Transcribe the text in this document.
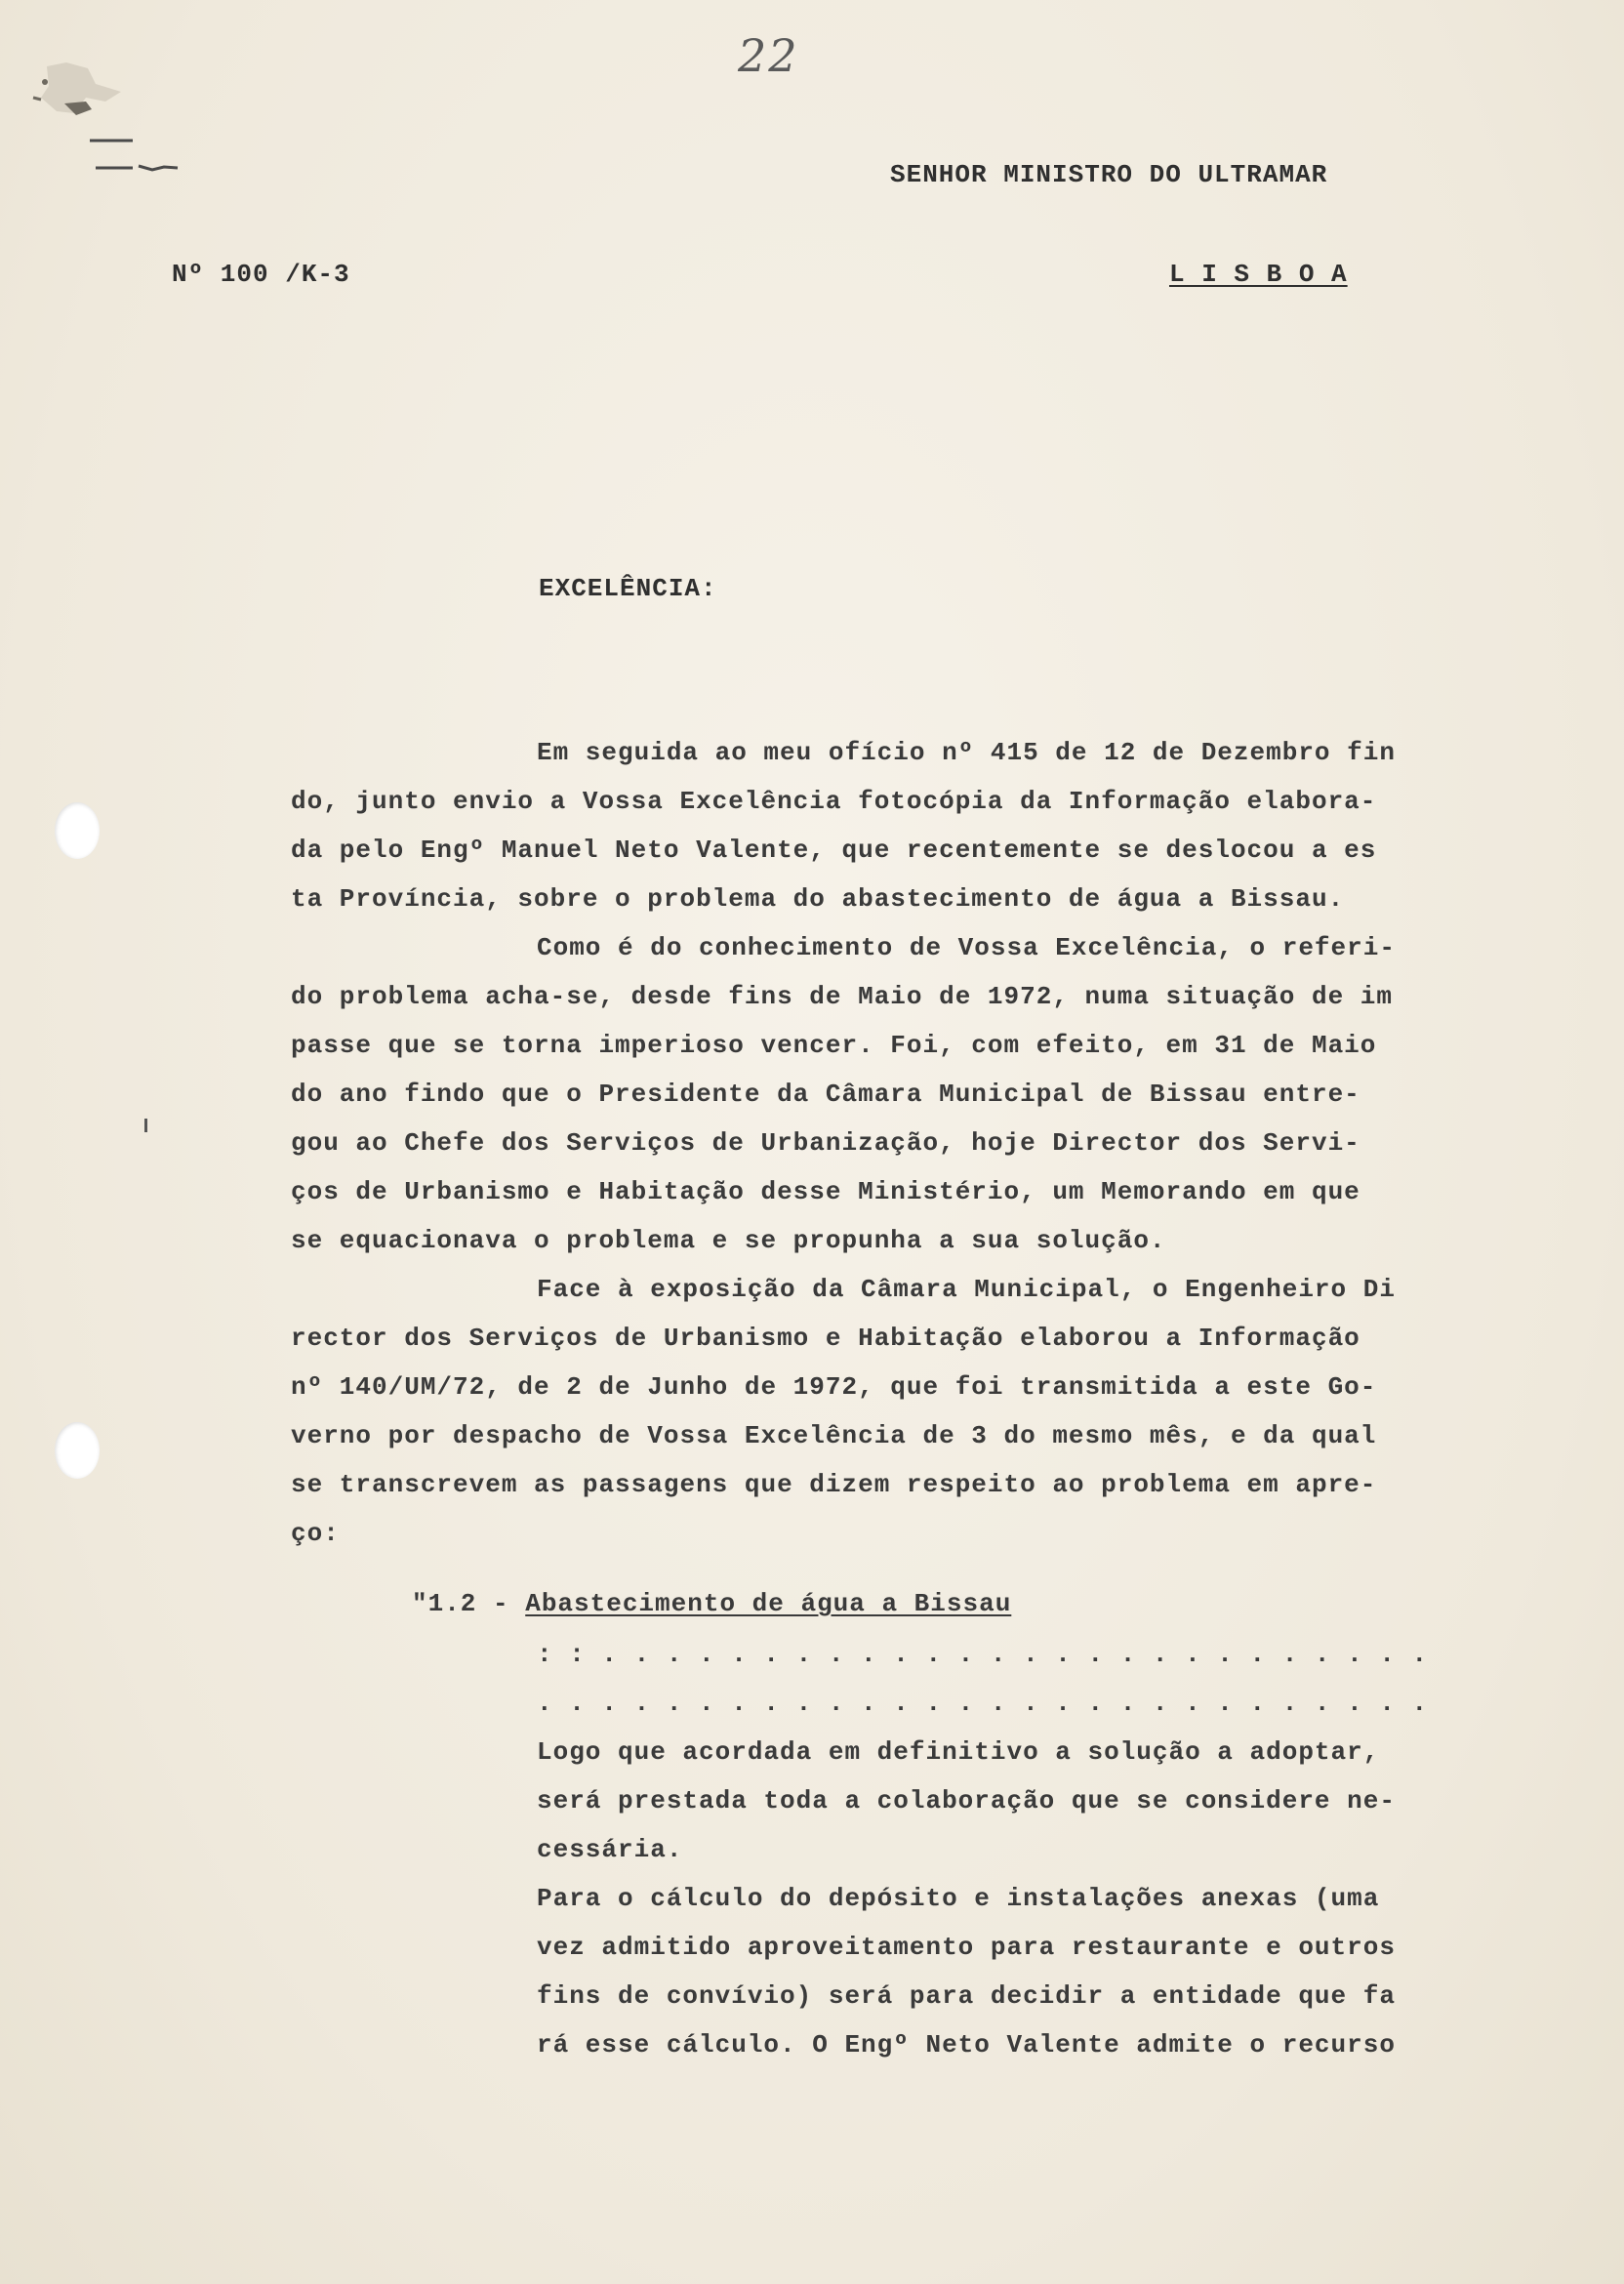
22
SENHOR MINISTRO DO ULTRAMAR
Nº 100 /K-3	L I S B O A
EXCELÊNCIA:
Em seguida ao meu ofício nº 415 de 12 de Dezembro fin
do, junto envio a Vossa Excelência fotocópia da Informação elabora-
da pelo Engº Manuel Neto Valente, que recentemente se deslocou a es
ta Província, sobre o problema do abastecimento de água a Bissau.
Como é do conhecimento de Vossa Excelência, o referi-
do problema acha-se, desde fins de Maio de 1972, numa situação de im
passe que se torna imperioso vencer. Foi, com efeito, em 31 de Maio
do ano findo que o Presidente da Câmara Municipal de Bissau entre-
gou ao Chefe dos Serviços de Urbanização, hoje Director dos Servi-
ços de Urbanismo e Habitação desse Ministério, um Memorando em que
se equacionava o problema e se propunha a sua solução.
Face à exposição da Câmara Municipal, o Engenheiro Di
rector dos Serviços de Urbanismo e Habitação elaborou a Informação
nº 140/UM/72, de 2 de Junho de 1972, que foi transmitida a este Go-
verno por despacho de Vossa Excelência de 3 do mesmo mês, e da qual
se transcrevem as passagens que dizem respeito ao problema em apre-
ço:
"1.2 - Abastecimento de água a Bissau
: : . . . . . . . . . . . . . . . . . . . . . . . . . .
. . . . . . . . . . . . . . . . . . . . . . . . . . . .
Logo que acordada em definitivo a solução a adoptar,
será prestada toda a colaboração que se considere ne-
cessária.
Para o cálculo do depósito e instalações anexas (uma
vez admitido aproveitamento para restaurante e outros
fins de convívio) será para decidir a entidade que fa
rá esse cálculo. O Engº Neto Valente admite o recurso
